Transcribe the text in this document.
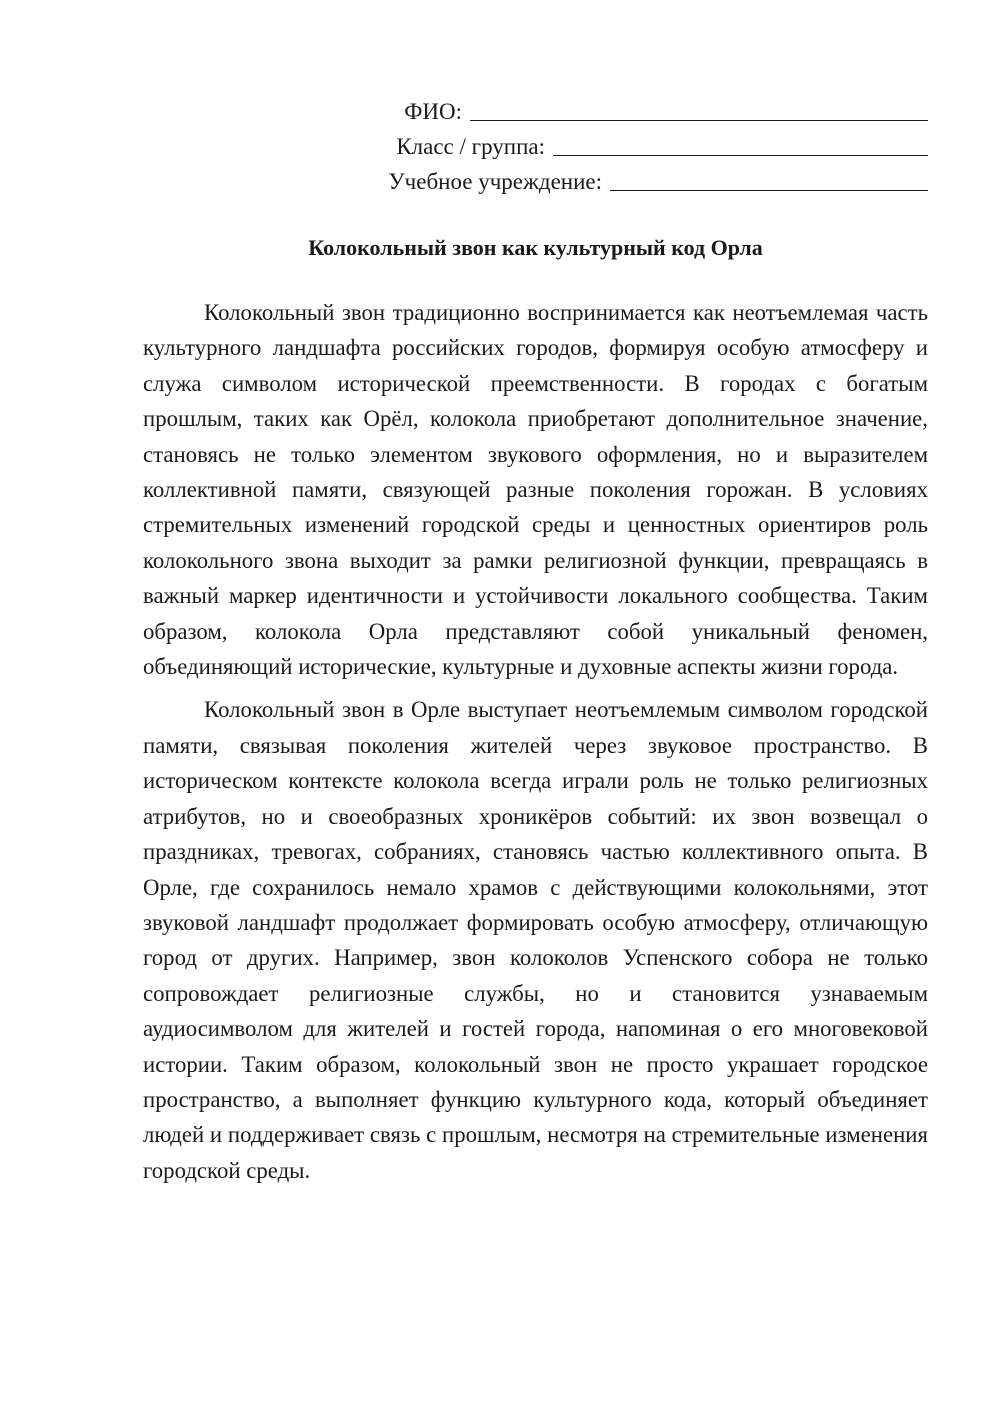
ФИО:
Класс / группа:
Учебное учреждение:
Колокольный звон как культурный код Орла

Колокольный звон традиционно воспринимается как неотъемлемая часть культурного ландшафта российских городов, формируя особую атмосферу и служа символом исторической преемственности. В городах с богатым прошлым, таких как Орёл, колокола приобретают дополнительное значение, становясь не только элементом звукового оформления, но и выразителем коллективной памяти, связующей разные поколения горожан. В условиях стремительных изменений городской среды и ценностных ориентиров роль колокольного звона выходит за рамки религиозной функции, превращаясь в важный маркер идентичности и устойчивости локального сообщества. Таким образом, колокола Орла представляют собой уникальный феномен, объединяющий исторические, культурные и духовные аспекты жизни города.

Колокольный звон в Орле выступает неотъемлемым символом городской памяти, связывая поколения жителей через звуковое пространство. В историческом контексте колокола всегда играли роль не только религиозных атрибутов, но и своеобразных хроникёров событий: их звон возвещал о праздниках, тревогах, собраниях, становясь частью коллективного опыта. В Орле, где сохранилось немало храмов с действующими колокольнями, этот звуковой ландшафт продолжает формировать особую атмосферу, отличающую город от других. Например, звон колоколов Успенского собора не только сопровождает религиозные службы, но и становится узнаваемым аудиосимволом для жителей и гостей города, напоминая о его многовековой истории. Таким образом, колокольный звон не просто украшает городское пространство, а выполняет функцию культурного кода, который объединяет людей и поддерживает связь с прошлым, несмотря на стремительные изменения городской среды.
